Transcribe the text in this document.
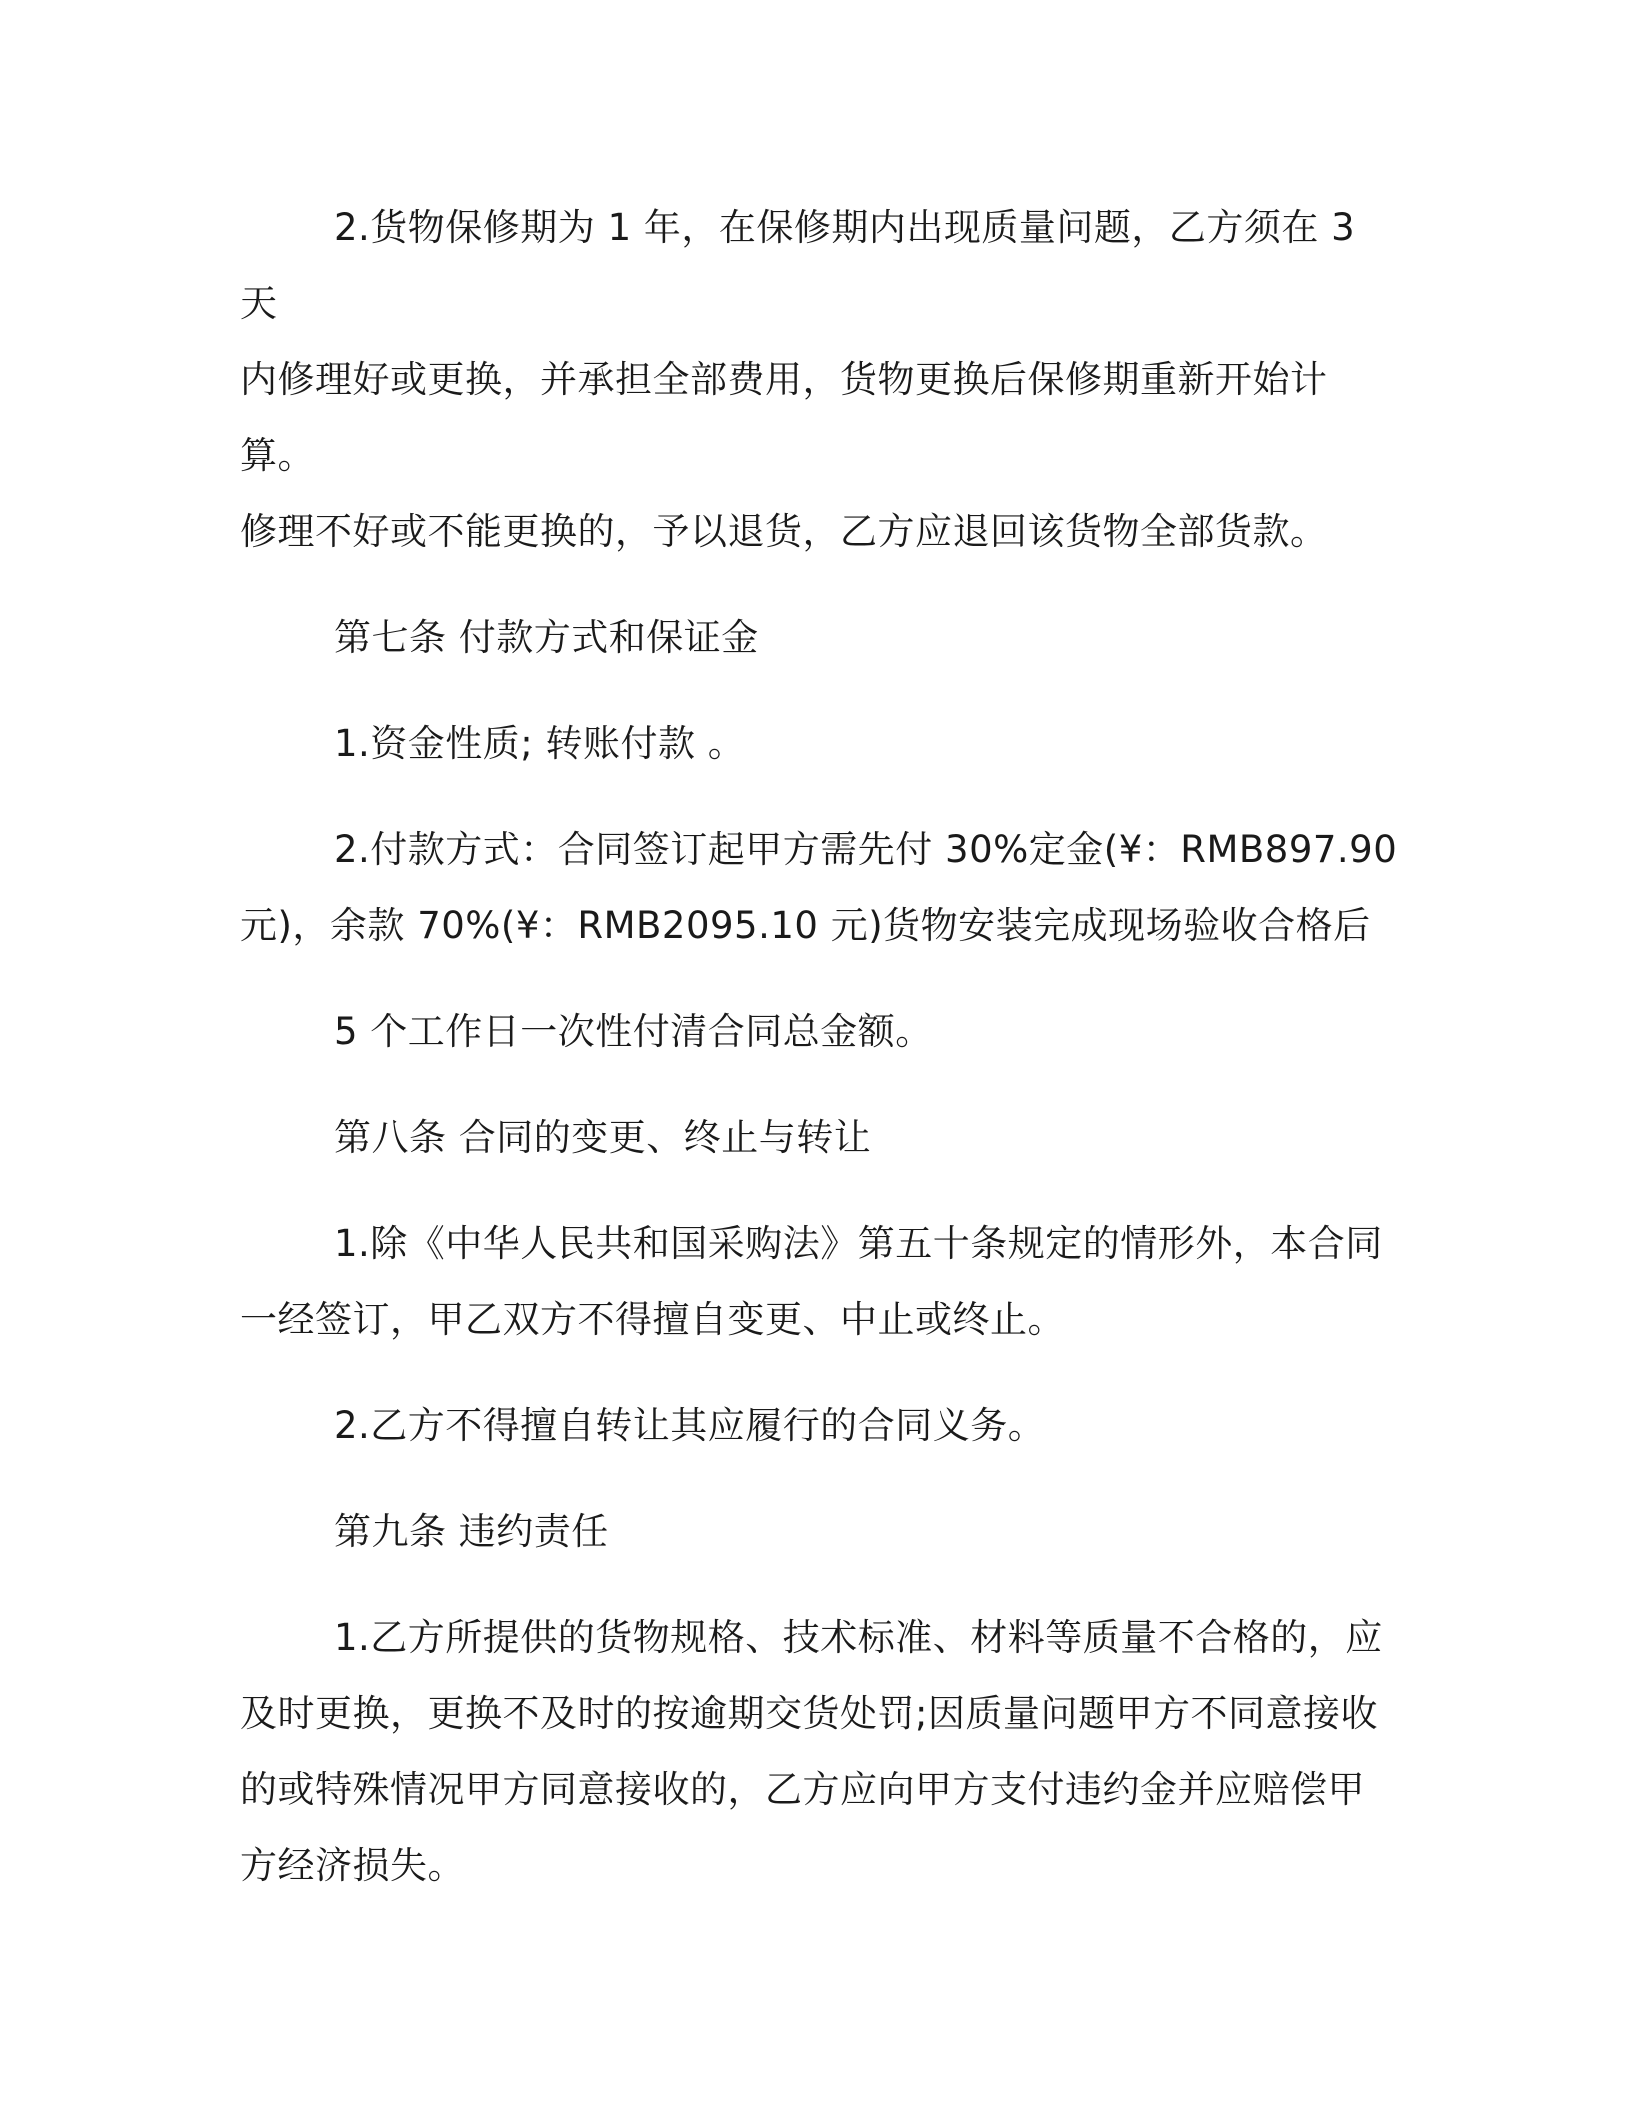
2.货物保修期为 1 年，在保修期内出现质量问题，乙方须在 3 天
内修理好或更换，并承担全部费用，货物更换后保修期重新开始计算。
修理不好或不能更换的，予以退货，乙方应退回该货物全部货款。

第七条 付款方式和保证金

1.资金性质; 转账付款 。

2.付款方式：合同签订起甲方需先付 30%定金(¥：RMB897.90
元)，余款 70%(¥：RMB2095.10 元)货物安装完成现场验收合格后

5 个工作日一次性付清合同总金额。

第八条 合同的变更、终止与转让

1.除《中华人民共和国采购法》第五十条规定的情形外，本合同
一经签订，甲乙双方不得擅自变更、中止或终止。

2.乙方不得擅自转让其应履行的合同义务。

第九条 违约责任

1.乙方所提供的货物规格、技术标准、材料等质量不合格的，应
及时更换，更换不及时的按逾期交货处罚;因质量问题甲方不同意接收
的或特殊情况甲方同意接收的，乙方应向甲方支付违约金并应赔偿甲
方经济损失。
